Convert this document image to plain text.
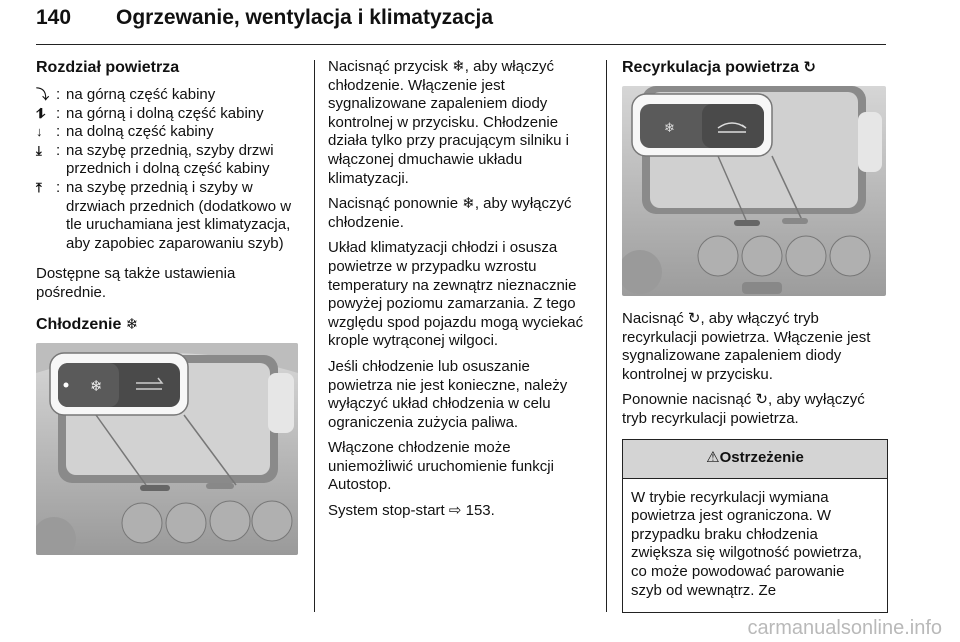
140 Ogrzewanie, wentylacja i klimatyzacja
Rozdział powietrza
⤵ : na górną część kabiny
⥮ : na górną i dolną część kabiny
↓ : na dolną część kabiny
⤓ : na szybę przednią, szyby drzwi przednich i dolną część kabiny
⤒ : na szybę przednią i szyby w drzwiach przednich (dodatkowo w tle uruchamiana jest klimatyzacja, aby zapobiec zaparowaniu szyb)

Dostępne są także ustawienia pośrednie.

Chłodzenie ❄
❄

Nacisnąć przycisk ❄, aby włączyć chłodzenie. Włączenie jest sygnalizowane zapaleniem diody kontrolnej w przycisku. Chłodzenie działa tylko przy pracującym silniku i włączonej dmuchawie układu klimatyzacji.

Nacisnąć ponownie ❄, aby wyłączyć chłodzenie.

Układ klimatyzacji chłodzi i osusza powietrze w przypadku wzrostu temperatury na zewnątrz nieznacznie powyżej poziomu zamarzania. Z tego względu spod pojazdu mogą wyciekać krople wytrąconej wilgoci.

Jeśli chłodzenie lub osuszanie powietrza nie jest konieczne, należy wyłączyć układ chłodzenia w celu ograniczenia zużycia paliwa.

Włączone chłodzenie może uniemożliwić uruchomienie funkcji Autostop.

System stop-start ⇨ 153.

Recyrkulacja powietrza ↻
❄

Nacisnąć ↻, aby włączyć tryb recyrkulacji powietrza. Włączenie jest sygnalizowane zapaleniem diody kontrolnej w przycisku.

Ponownie nacisnąć ↻, aby wyłączyć tryb recyrkulacji powietrza.

⚠Ostrzeżenie
W trybie recyrkulacji wymiana powietrza jest ograniczona. W przypadku braku chłodzenia zwiększa się wilgotność powietrza, co może powodować parowanie szyb od wewnątrz. Ze
carmanualsonline.info
